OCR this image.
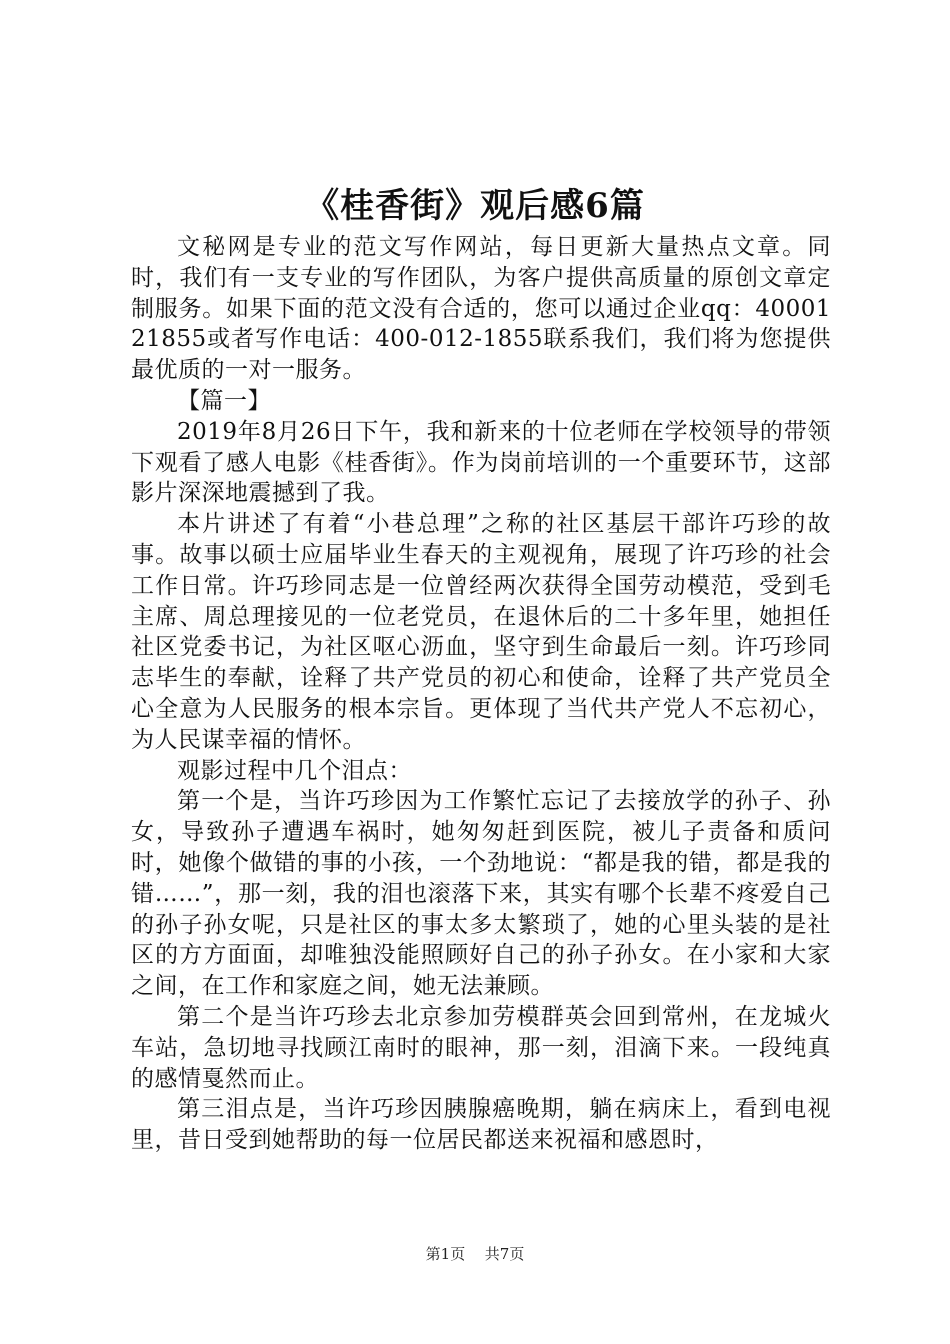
《桂香街》观后感6篇

文秘网是专业的范文写作网站，每日更新大量热点文章。同时，我们有一支专业的写作团队，为客户提供高质量的原创文章定制服务。如果下面的范文没有合适的，您可以通过企业qq：4000121855或者写作电话：400-012-1855联系我们，我们将为您提供最优质的一对一服务。

【篇一】

2019年8月26日下午，我和新来的十位老师在学校领导的带领下观看了感人电影《桂香街》。作为岗前培训的一个重要环节，这部影片深深地震撼到了我。

本片讲述了有着“小巷总理”之称的社区基层干部许巧珍的故事。故事以硕士应届毕业生春天的主观视角，展现了许巧珍的社会工作日常。许巧珍同志是一位曾经两次获得全国劳动模范，受到毛主席、周总理接见的一位老党员，在退休后的二十多年里，她担任社区党委书记，为社区呕心沥血，坚守到生命最后一刻。许巧珍同志毕生的奉献，诠释了共产党员的初心和使命，诠释了共产党员全心全意为人民服务的根本宗旨。更体现了当代共产党人不忘初心，为人民谋幸福的情怀。

观影过程中几个泪点：

第一个是，当许巧珍因为工作繁忙忘记了去接放学的孙子、孙女，导致孙子遭遇车祸时，她匆匆赶到医院，被儿子责备和质问时，她像个做错的事的小孩，一个劲地说：“都是我的错，都是我的错……”，那一刻，我的泪也滚落下来，其实有哪个长辈不疼爱自己的孙子孙女呢，只是社区的事太多太繁琐了，她的心里头装的是社区的方方面面，却唯独没能照顾好自己的孙子孙女。在小家和大家之间，在工作和家庭之间，她无法兼顾。

第二个是当许巧珍去北京参加劳模群英会回到常州，在龙城火车站，急切地寻找顾江南时的眼神，那一刻，泪滴下来。一段纯真的感情戛然而止。

第三泪点是，当许巧珍因胰腺癌晚期，躺在病床上，看到电视里，昔日受到她帮助的每一位居民都送来祝福和感恩时，

第1页 共7页
